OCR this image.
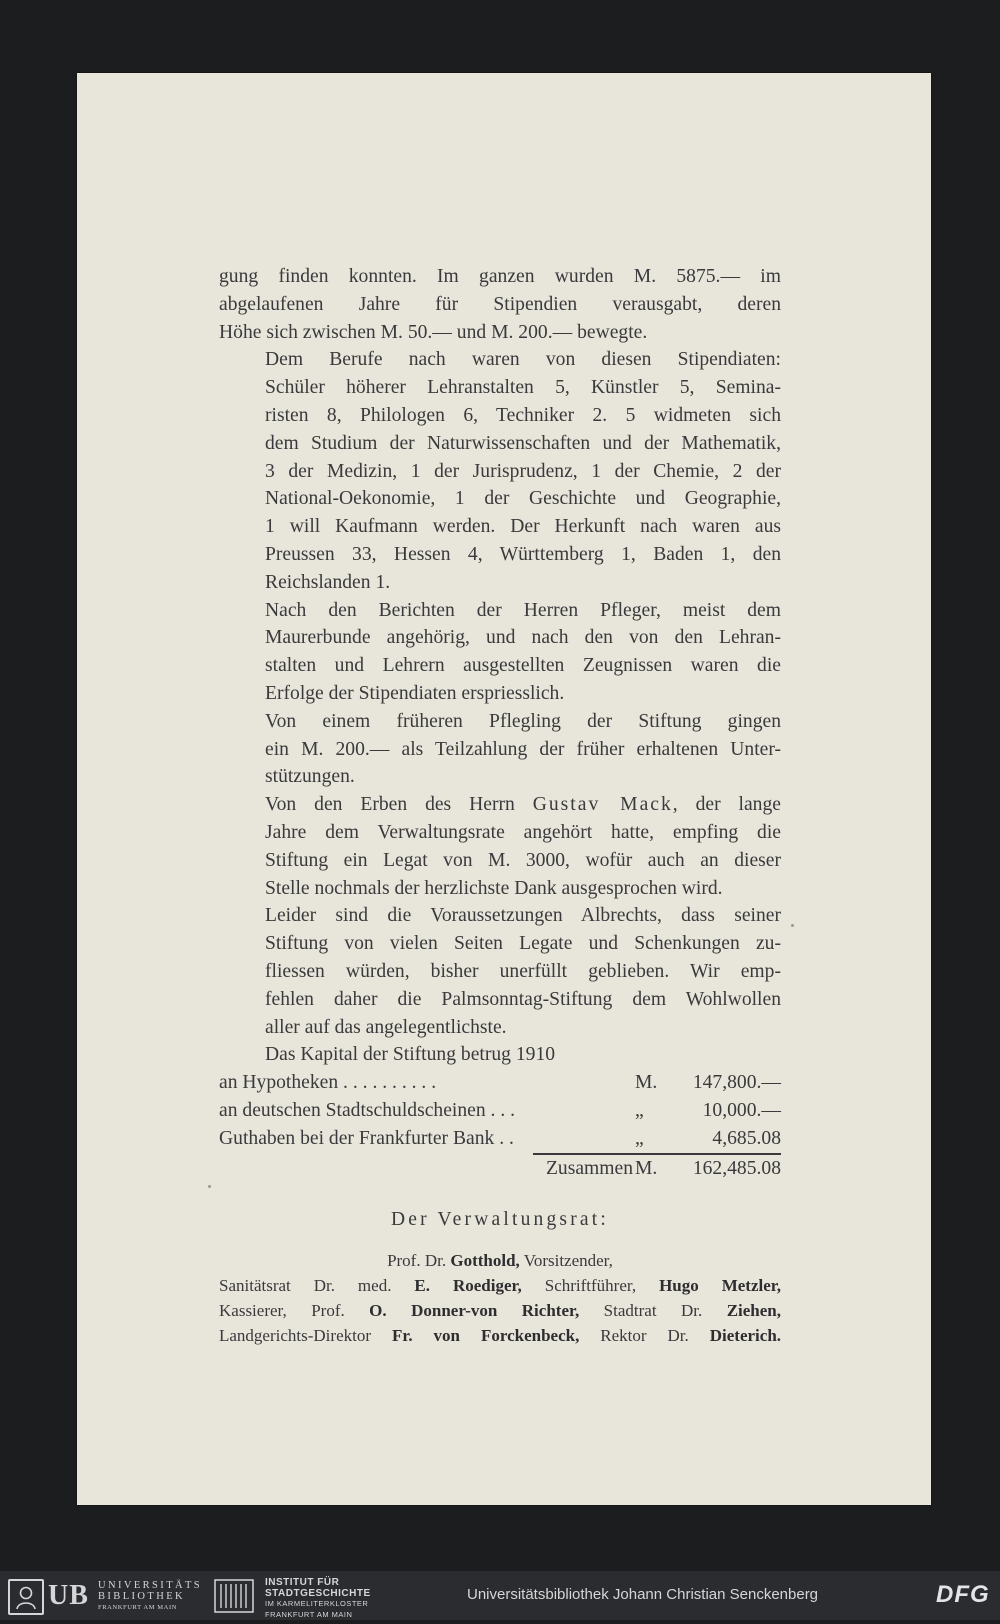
gung finden konnten. Im ganzen wurden M. 5875.— im
abgelaufenen Jahre für Stipendien verausgabt, deren
Höhe sich zwischen M. 50.— und M. 200.— bewegte.

Dem Berufe nach waren von diesen Stipendiaten:
Schüler höherer Lehranstalten 5, Künstler 5, Semina-
risten 8, Philologen 6, Techniker 2. 5 widmeten sich
dem Studium der Naturwissenschaften und der Mathematik,
3 der Medizin, 1 der Jurisprudenz, 1 der Chemie, 2 der
National-Oekonomie, 1 der Geschichte und Geographie,
1 will Kaufmann werden. Der Herkunft nach waren aus
Preussen 33, Hessen 4, Württemberg 1, Baden 1, den
Reichslanden 1.

Nach den Berichten der Herren Pfleger, meist dem
Maurerbunde angehörig, und nach den von den Lehran-
stalten und Lehrern ausgestellten Zeugnissen waren die
Erfolge der Stipendiaten erspriesslich.

Von einem früheren Pflegling der Stiftung gingen
ein M. 200.— als Teilzahlung der früher erhaltenen Unter-
stützungen.

Von den Erben des Herrn Gustav Mack, der lange
Jahre dem Verwaltungsrate angehört hatte, empfing die
Stiftung ein Legat von M. 3000, wofür auch an dieser
Stelle nochmals der herzlichste Dank ausgesprochen wird.

Leider sind die Voraussetzungen Albrechts, dass seiner
Stiftung von vielen Seiten Legate und Schenkungen zu-
fliessen würden, bisher unerfüllt geblieben. Wir emp-
fehlen daher die Palmsonntag-Stiftung dem Wohlwollen
aller auf das angelegentlichste.

Das Kapital der Stiftung betrug 1910

an Hypotheken . . . . . . . . . .	M.	147,800.—
an deutschen Stadtschuldscheinen . . .	„	10,000.—
Guthaben bei der Frankfurter Bank . .	„	4,685.08
Zusammen M.	162,485.08
Der Verwaltungsrat:
Prof. Dr. Gotthold, Vorsitzender,
Sanitätsrat Dr. med. E. Roediger, Schriftführer, Hugo Metzler,
Kassierer, Prof. O. Donner-von Richter, Stadtrat Dr. Ziehen,
Landgerichts-Direktor Fr. von Forckenbeck, Rektor Dr. Dieterich.
UB UNIVERSITÄTS
BIBLIOTHEK
FRANKFURT AM MAIN
INSTITUT FÜR
STADTGESCHICHTE
IM KARMELITERKLOSTER
FRANKFURT AM MAIN
Universitätsbibliothek Johann Christian Senckenberg	DFG
